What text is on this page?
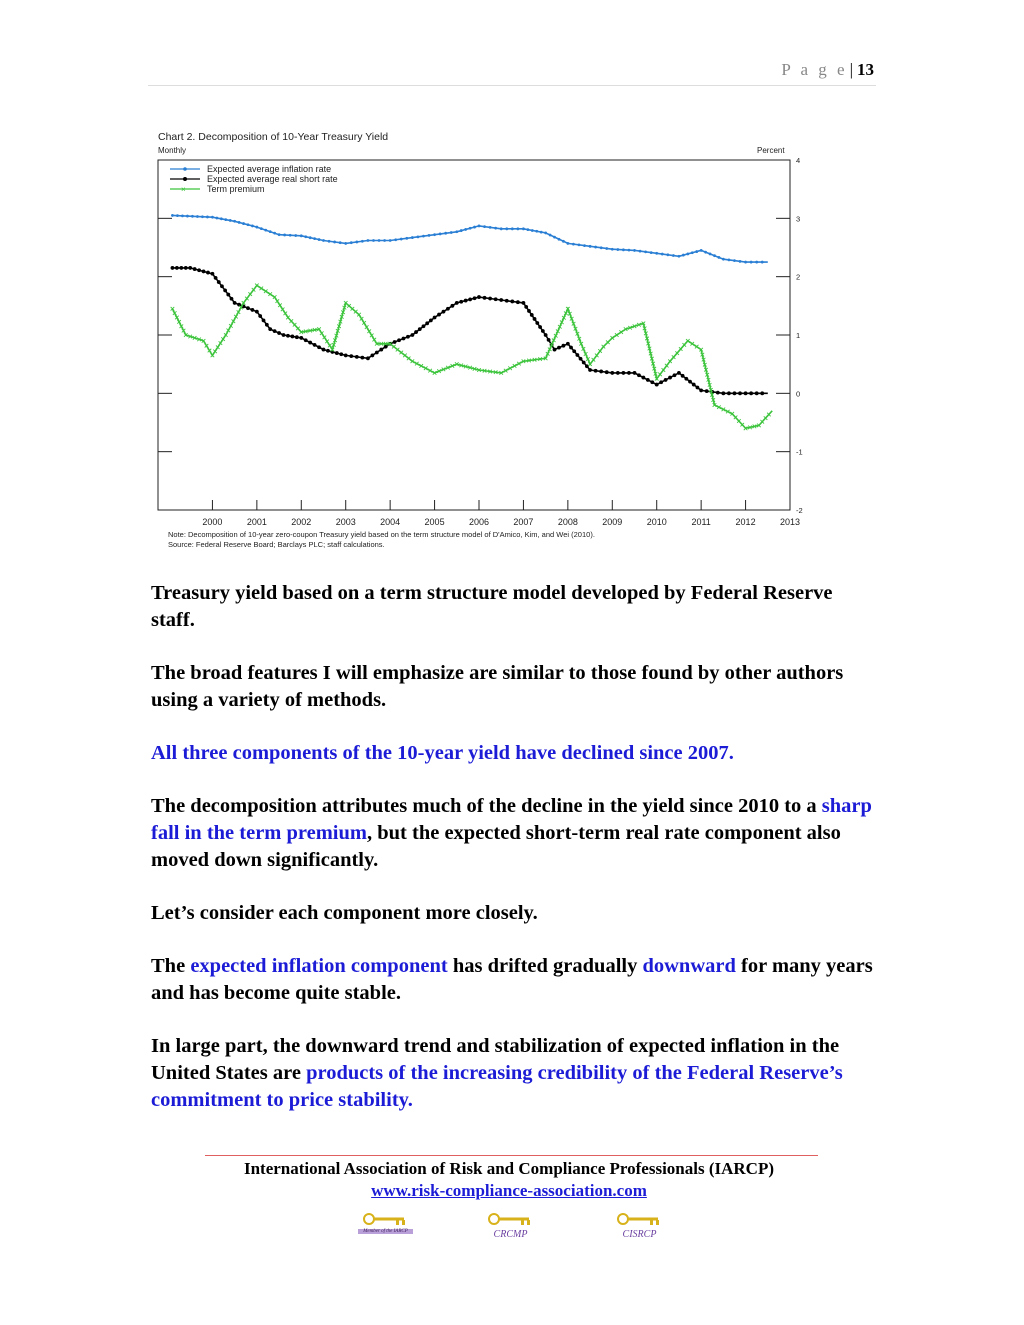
P a g e | 13
Chart 2. Decomposition of 10-Year Treasury Yield
Monthly	Percent
Expected average inflation rate
Expected average real short rate
× Term premium
4
3
2
1
0
-1
-2
2000	2001	2002	2003	2004	2005	2006	2007	2008	2009	2010	2011	2012	2013
Note: Decomposition of 10-year zero-coupon Treasury yield based on the term structure model of D'Amico, Kim, and Wei (2010).
Source: Federal Reserve Board; Barclays PLC; staff calculations.

Treasury yield based on a term structure model developed by Federal Reserve staff.

The broad features I will emphasize are similar to those found by other authors using a variety of methods.

All three components of the 10-year yield have declined since 2007.

The decomposition attributes much of the decline in the yield since 2010 to a sharp fall in the term premium, but the expected short-term real rate component also moved down significantly.

Let’s consider each component more closely.

The expected inflation component has drifted gradually downward for many years and has become quite stable.

In large part, the downward trend and stabilization of expected inflation in the United States are products of the increasing credibility of the Federal Reserve’s commitment to price stability.

International Association of Risk and Compliance Professionals (IARCP)
www.risk-compliance-association.com
Member of the IARCP	CRCMP	CISRCP
